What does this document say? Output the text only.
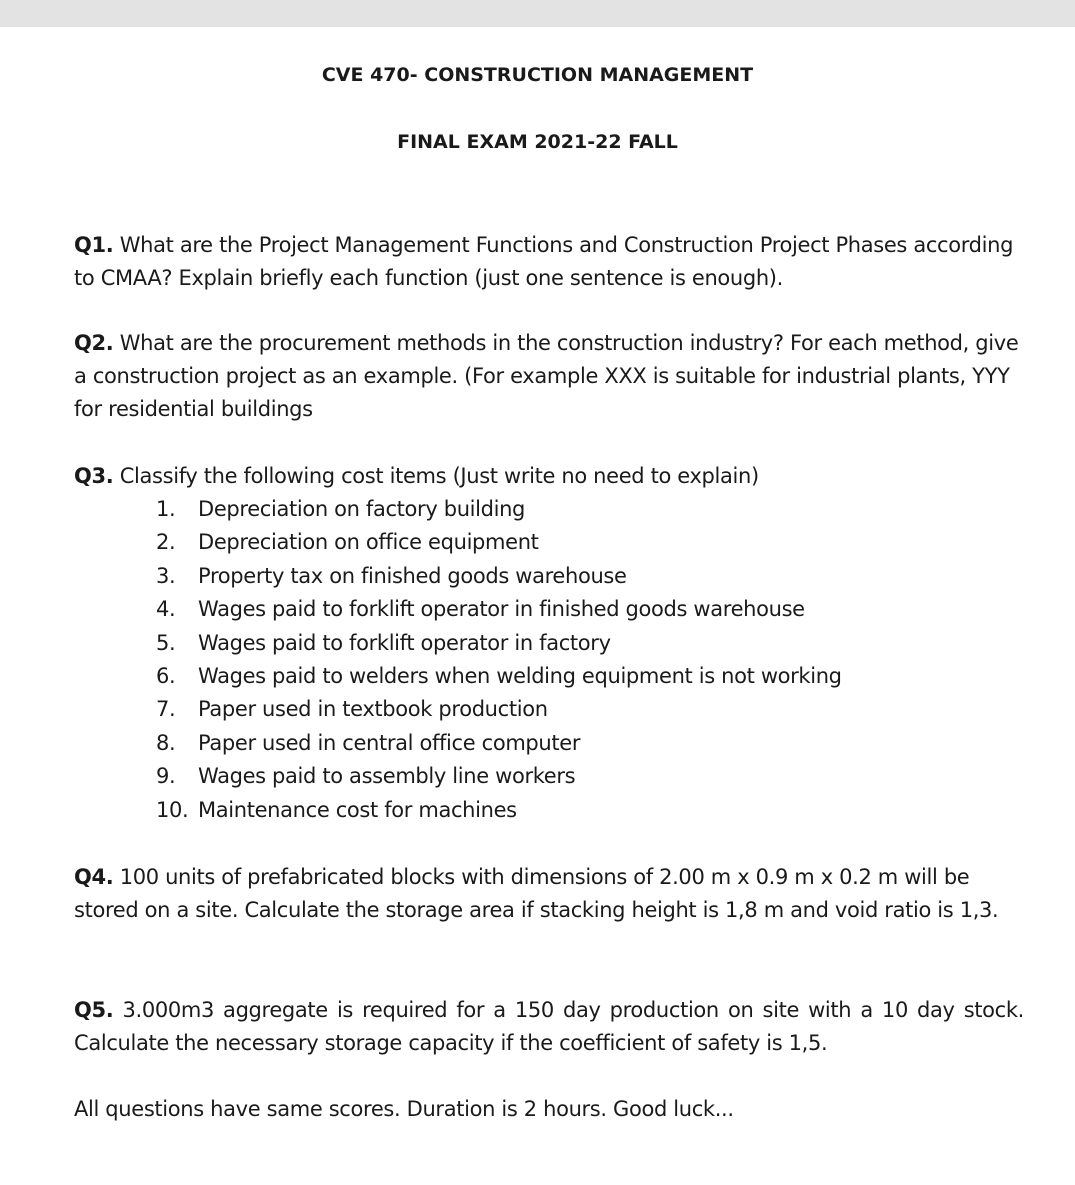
CVE 470- CONSTRUCTION MANAGEMENT
FINAL EXAM 2021-22 FALL
Q1. What are the Project Management Functions and Construction Project Phases according to CMAA? Explain briefly each function (just one sentence is enough).
Q2. What are the procurement methods in the construction industry? For each method, give a construction project as an example. (For example XXX is suitable for industrial plants, YYY for residential buildings
Q3. Classify the following cost items (Just write no need to explain)
1. Depreciation on factory building
2. Depreciation on office equipment
3. Property tax on finished goods warehouse
4. Wages paid to forklift operator in finished goods warehouse
5. Wages paid to forklift operator in factory
6. Wages paid to welders when welding equipment is not working
7. Paper used in textbook production
8. Paper used in central office computer
9. Wages paid to assembly line workers
10. Maintenance cost for machines
Q4. 100 units of prefabricated blocks with dimensions of 2.00 m x 0.9 m x 0.2 m will be stored on a site. Calculate the storage area if stacking height is 1,8 m and void ratio is 1,3.
Q5. 3.000m3 aggregate is required for a 150 day production on site with a 10 day stock. Calculate the necessary storage capacity if the coefficient of safety is 1,5.
All questions have same scores. Duration is 2 hours. Good luck...
